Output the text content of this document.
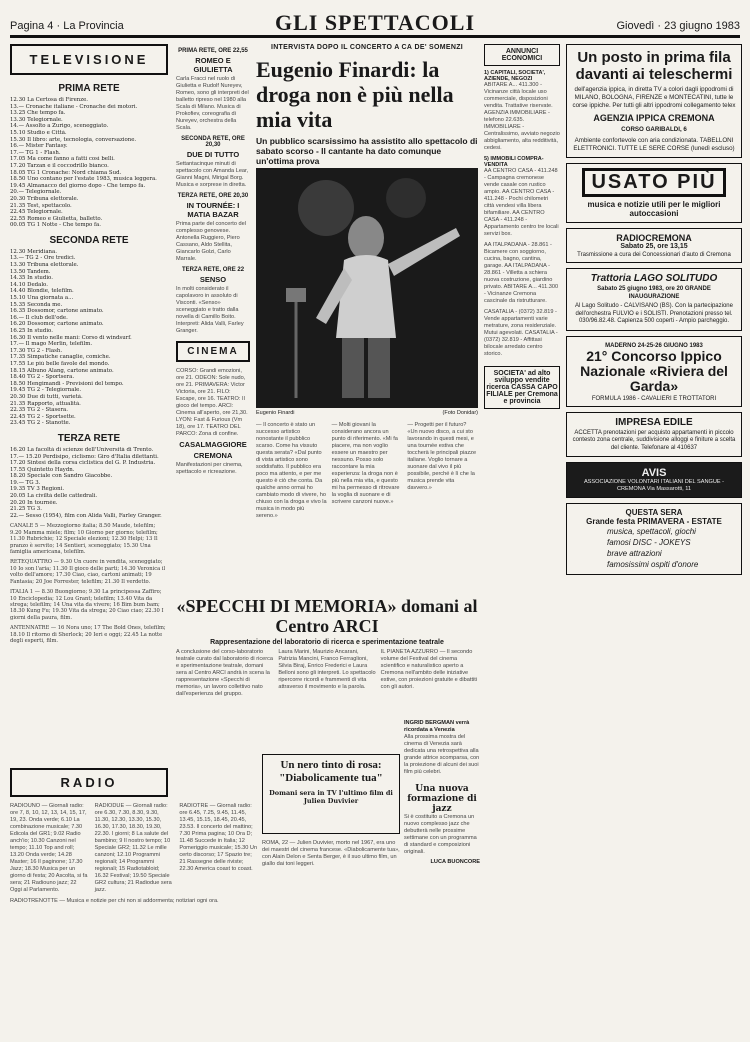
Pagina 4 · La Provincia	GLI SPETTACOLI	Giovedì · 23 giugno 1983
TELEVISIONE
PRIMA RETE
12.30 La Certosa di Firenze.
13.— Cronache italiane - Cronache dei motori.
13.25 Che tempo fa.
13.30 Telegiornale.
14.— Assolto a Zurigo, sceneggiato.
15.10 Studio e Città.
15.30 Il libro: arte, tecnologia, conversazione.
16.— Mister Fantasy.
17.— TG 1 - Flash.
17.05 Ma come fanno a fatti così belli.
17.20 Tarzan e il coccodrillo bianco.
18.05 TG 1 Cronache: Nord chiama Sud.
18.50 Uno contano per l'estate 1983, musica leggera.
19.45 Almanacco del giorno dopo - Che tempo fa.
20.— Telegiornale.
20.30 Tribuna elettorale.
21.35 Test, spettacolo.
22.45 Telegiornale.
22.55 Romeo e Giulietta, balletto.
00.05 TG 1 Notte - Che tempo fa.
SECONDA RETE
12.30 Meridiana.
13.— TG 2 - Ore tredici.
13.30 Tribuna elettorale.
13.50 Tandem.
14.35 In studio.
14.10 Dedalo.
14.40 Blondie, telefilm.
15.10 Una giornata a...
15.35 Seconda me.
16.35 Dossomor, cartone animato.
16.— Il club dell'ode.
16.20 Dossomor, cartone animato.
16.25 In studio.
16.30 Il vento nelle mani: Corso di windsurf.
17.— Il mago Merlin, telefilm.
17.30 TG 2 - Flash.
17.35 Simpatiche canaglie, comiche.
17.55 Le più belle favole del mondo.
18.15 Albuno Alang, cartone animato.
18.40 TG 2 - Sportsera.
18.50 Hengimandi - Previsioni del tempo.
19.45 TG 2 - Telegiornale.
20.30 Due di tutti, varietà.
21.35 Rapporto, attualità.
22.35 TG 2 - Stasera.
22.45 TG 2 - Sportsette.
23.45 TG 2 - Stanotte.
TERZA RETE
16.20 La facoltà di scienze dell'Università di Trento.
17.— 15.20 Perdisipo, ciclismo: Giro d'Italia dilettanti.
17.20 Sintesi della corsa ciclistica del G. P. Industria.
17.55 Quintetto Haydn.
18.20 Speciale con Sandro Giacobbe.
19.— TG 3.
19.35 TV 3 Regioni.
20.05 La civiltà delle cattedrali.
20.20 In tournée.
21.25 TG 3.
22.— Sesso (1954), film con Alida Valli, Farley Granger.
CANALE 5 — Mezzogiorno italia; 8.50 Maude, telefilm; 9.20 Mamma miele; film; 10 Giorno per giorno; telefilm; 11.30 Rubrichie; 12 Speciale elezioni; 12.30 Helpi; 13 Il pranzo è servito; 14 Sentieri, sceneggiato; 15.30 Una famiglia americana, telefilm.
RETEQUATTRO — 9.30 Un cuore in vendita, sceneggiato; 10 Io son l'aria; 11.30 Il gioco delle parti; 14.30 Veronica il volto dell'amore; 17.30 Ciao, ciao, cartoni animati; 19 Fantasia; 20 Joe Forrester, telefilm; 21.30 Il verdetto.
ITALIA 1 — 8.30 Buongiorno; 9.30 La principessa Zaffiro; 10 Enciclopedia; 12 Lou Grant; telefilm; 13.40 Vita da strega; telefilm; 14 Una vita da vivere; 16 Bim bum bam; 18.30 Kung Fu; 19.30 Vita da strega; 20 Ciao ciao; 22.30 I giorni della paura, film.
ANTENNATRE — 16 Nora uno; 17 The Bold Ones, telefilm; 18.10 Il ritorno di Sherlock; 20 Ieri e oggi; 22.45 La notte degli esperti, film.
RADIO
RADIOUNO — Giornali radio: ore 7, 8, 10, 12, 13, 14, 15, 17, 19, 23. Onda verde; 6.10 La combinazione musicale; 7.30 Edicola del GR1; 9.02 Radio anch'io; 10.30 Canzoni nel tempo; 11.10 Top and roll; 13.20 Onda verde; 14.28 Master; 16 Il paginone; 17.30 Jazz; 18.30 Musica per un giorno di festa; 20 Ascolta, si fa sera; 21 Radiouno jazz; 22 Oggi al Parlamento.
RADIODUE — Giornali radio: ore 6.30, 7.30, 8.30, 9.30, 11.30, 12.30, 13.30, 15.30, 16.30, 17.30, 18.30, 19.30, 22.30. I giorni; 8 La salute del bambino; 9 Il nostro tempo; 10 Speciale GR2; 11.32 Le mille canzoni; 12.10 Programmi regionali; 14 Programmi regionali; 15 Radiotabloid; 16.32 Festival; 19.50 Speciale GR2 cultura; 21 Radiodue sera jazz.
RADIOTRE — Giornali radio: ore 6.45, 7.25, 9.45, 11.45, 13.45, 15.15, 18.45, 20.45, 23.53. Il concerto del mattino; 7.30 Prima pagina; 10 Ora D; 11.48 Succede in Italia; 12 Pomeriggio musicale; 15.30 Un certo discorso; 17 Spazio tre; 21 Rassegne delle riviste; 22.30 America coast to coast.
RADIOTRENOTTE — Musica e notizie per chi non si addormenta; notiziari ogni ora.
PRIMA RETE, ORE 22,55
ROMEO E GIULIETTA
Carla Fracci nel ruolo di Giulietta e Rudolf Nureyev, Romeo, sono gli interpreti del balletto ripreso nel 1980 alla Scala di Milano. Musica di Prokofiev, coreografia di Nureyev, orchestra della Scala.
SECONDA RETE, ORE 20,30
DUE DI TUTTO
Settantacinque minuti di spettacolo con Amanda Lear, Gianni Magni, Mirigal Borg. Musica e sorprese in diretta.
TERZA RETE, ORE 20,30
IN TOURNÉE: I MATIA BAZAR
Prima parte del concerto del complesso genovese. Antonella Ruggiero, Piero Cassano, Aldo Stellita, Giancarlo Golzi, Carlo Marrale.
TERZA RETE, ORE 22
SENSO
In molti considerato il capolavoro in assoluto di Visconti. «Senso» sceneggiato e tratto dalla novella di Camillo Boito. Interpreti: Alida Valli, Farley Granger.
CINEMA
CORSO: Grandi emozioni, ore 21. ODEON: Sole nudo, ore 21. PRIMAVERA: Victor Victoria, ore 21. FILO: Escape, ore 16. TEATRO: Il gioco del tempo. ARCI: Cinema all'aperto, ore 21,30. LYON: Fast & Furious (Vm 18), ore 17. TEATRO DEL PARCO: Zona di confine.
CASALMAGGIORE
CREMONA
Manifestazioni per cinema, spettacolo e ricreazione.
INTERVISTA DOPO IL CONCERTO A CÀ DE' SOMENZI
Eugenio Finardi: la droga non è più nella mia vita
Un pubblico scarsissimo ha assistito allo spettacolo di sabato scorso - Il cantante ha dato comunque un'ottima prova
Eugenio Finardi	(Foto Donidar)
— Il concerto è stato un successo artistico nonostante il pubblico scarso. Come ha vissuto questa serata? «Dal punto di vista artistico sono soddisfatto. Il pubblico era poco ma attento, e per me questo è ciò che conta. Da qualche anno ormai ho cambiato modo di vivere, ho chiuso con la droga e vivo la musica in modo più sereno.»
— Molti giovani la considerano ancora un punto di riferimento. «Mi fa piacere, ma non voglio essere un maestro per nessuno. Posso solo raccontare la mia esperienza: la droga non è più nella mia vita, e questo mi ha permesso di ritrovare la voglia di suonare e di scrivere canzoni nuove.»
— Progetti per il futuro? «Un nuovo disco, a cui sto lavorando in questi mesi, e una tournée estiva che toccherà le principali piazze italiane. Voglio tornare a suonare dal vivo il più possibile, perché è lì che la musica prende vita davvero.»
«SPECCHI DI MEMORIA» domani al Centro ARCI
Rappresentazione del laboratorio di ricerca e sperimentazione teatrale
A conclusione del corso-laboratorio teatrale curato dal laboratorio di ricerca e sperimentazione teatrale, domani sera al Centro ARCI andrà in scena la rappresentazione «Specchi di memoria», un lavoro collettivo nato dall'esperienza del gruppo.
Laura Marini, Maurizio Ancarani, Patrizia Mancini, Franco Ferraglioni, Silvia Biraj, Enrico Frederici e Laura Belloni sono gli interpreti. Lo spettacolo ripercorre ricordi e frammenti di vita attraverso il movimento e la parola.
IL PIANETA AZZURRO — Il secondo volume del Festival del cinema scientifico e naturalistico aperto a Cremona nell'ambito delle iniziative estive, con proiezioni gratuite e dibattiti con gli autori.
Un nero tinto di rosa: "Diabolicamente tua"
Domani sera in TV l'ultimo film di Julien Duvivier
ROMA, 22 — Julien Duvivier, morto nel 1967, era uno dei maestri del cinema francese. «Diabolicamente tua», con Alain Delon e Senta Berger, è il suo ultimo film, un giallo dai toni leggeri.
INGRID BERGMAN verrà ricordata a Venezia
Alla prossima mostra del cinema di Venezia sarà dedicata una retrospettiva alla grande attrice scomparsa, con la proiezione di alcuni dei suoi film più celebri.
Una nuova formazione di jazz
Si è costituito a Cremona un nuovo complesso jazz che debutterà nelle prossime settimane con un programma di standard e composizioni originali.
LUCA BUONCORE
ANNUNCI ECONOMICI
1) CAPITALI, SOCIETA', AZIENDE, NEGOZI
ABITARE A... 411.300 - Vicinanze città locale uso commerciale, disposizioni vendita. Trattative riservate. AGENZIA IMMOBILIARE - telefono 22.635. IMMOBILIARE - Centralissimo, avviato negozio abbigliamento, alta redditività, cedesi.
5) IMMOBILI COMPRA-VENDITA
AA CENTRO CASA - 411.248 - Campagna cremonese vende casale con rustico ampio. AA CENTRO CASA - 411.248 - Pochi chilometri città vendesi villa libera bifamiliare. AA CENTRO CASA - 411.248 - Appartamento centro tre locali servizi box.
AA ITALPADANA - 28.861 - Bicamere con soggiorno, cucina, bagno, cantina, garage. AA ITALPADANA - 28.861 - Villetta a schiera nuova costruzione, giardino privato. ABITARE A... 411.300 - Vicinanze Cremona cascinale da ristrutturare.
CASATALIA - (0372) 32.819 - Vende appartamenti varie metrature, zona residenziale. Mutui agevolati. CASATALIA - (0372) 32.819 - Affittasi bilocale arredato centro storico.
SOCIETA' ad alto sviluppo vendite ricerca CASSA CAPO FILIALE per Cremona e provincia
Un posto in prima fila davanti ai teleschermi
dell'agenzia ippica, in diretta TV a colori dagli ippodromi di MILANO, BOLOGNA, FIRENZE e MONTECATINI, tutte le corse ippiche. Per tutti gli altri ippodromi collegamento telex
AGENZIA IPPICA CREMONA
CORSO GARIBALDI, 6
Ambiente confortevole con aria condizionata. TABELLONI ELETTRONICI. TUTTE LE SERE CORSE (lunedì escluso)
USATO PIÙ
musica e notizie utili per le migliori autoccasioni
RADIOCREMONA
Sabato 25, ore 13,15
Trasmissione a cura dei Concessionari d'auto di Cremona
Trattoria LAGO SOLITUDO
Sabato 25 giugno 1983, ore 20 GRANDE INAUGURAZIONE
Al Lago Solitudo - CALVISANO (BS). Con la partecipazione dell'orchestra FULVIO e i SOLISTI. Prenotazioni presso tel. 030/96.82.48. Capienza 500 coperti - Ampio parcheggio.
MADERNO 24-25-26 GIUGNO 1983
21° Concorso Ippico Nazionale «Riviera del Garda»
FORMULA 1986 - CAVALIERI E TROTTATORI
IMPRESA EDILE
ACCETTA prenotazioni per acquisto appartamenti in piccolo contesto zona centrale, suddivisione alloggi e finiture a scelta del cliente. Telefonare al 410637
AVIS
ASSOCIAZIONE VOLONTARI ITALIANI DEL SANGUE - CREMONA Via Massarotti, 11
QUESTA SERA
Grande festa PRIMAVERA - ESTATE
musica, spettacoli, giochi
famosi DISC - JOKEYS
brave attrazioni
famosissimi ospiti d'onore
